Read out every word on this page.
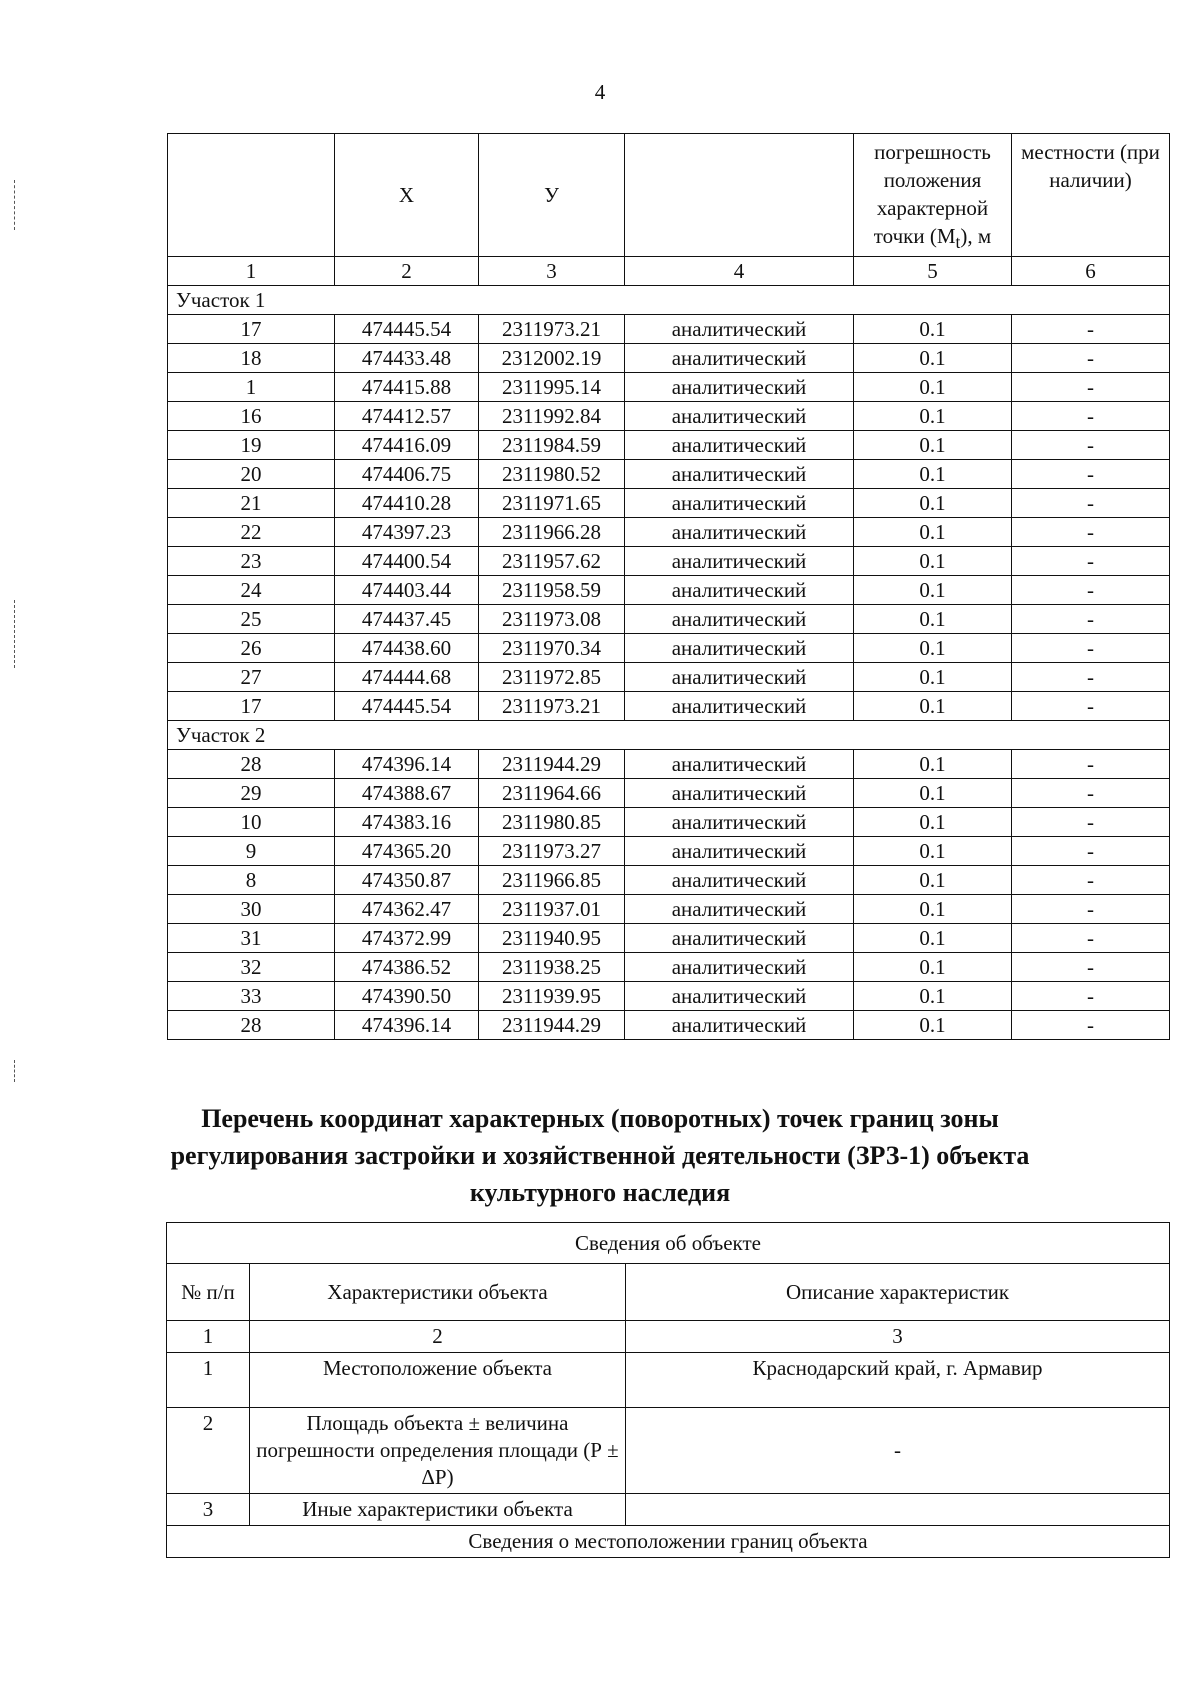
4
	Х	У		погрешность положения характерной точки $(М_t)$, м	местности (при наличии)
1	2	3	4	5	6
Участок 1					
17	474445.54	2311973.21	аналитический	0.1	-
18	474433.48	2312002.19	аналитический	0.1	-
1	474415.88	2311995.14	аналитический	0.1	-
16	474412.57	2311992.84	аналитический	0.1	-
19	474416.09	2311984.59	аналитический	0.1	-
20	474406.75	2311980.52	аналитический	0.1	-
21	474410.28	2311971.65	аналитический	0.1	-
22	474397.23	2311966.28	аналитический	0.1	-
23	474400.54	2311957.62	аналитический	0.1	-
24	474403.44	2311958.59	аналитический	0.1	-
25	474437.45	2311973.08	аналитический	0.1	-
26	474438.60	2311970.34	аналитический	0.1	-
27	474444.68	2311972.85	аналитический	0.1	-
17	474445.54	2311973.21	аналитический	0.1	-
Участок 2					
28	474396.14	2311944.29	аналитический	0.1	-
29	474388.67	2311964.66	аналитический	0.1	-
10	474383.16	2311980.85	аналитический	0.1	-
9	474365.20	2311973.27	аналитический	0.1	-
8	474350.87	2311966.85	аналитический	0.1	-
30	474362.47	2311937.01	аналитический	0.1	-
31	474372.99	2311940.95	аналитический	0.1	-
32	474386.52	2311938.25	аналитический	0.1	-
33	474390.50	2311939.95	аналитический	0.1	-
28	474396.14	2311944.29	аналитический	0.1	-
Перечень координат характерных (поворотных) точек границ зоны
регулирования застройки и хозяйственной деятельности (ЗРЗ-1) объекта
культурного наследия
Сведения об объекте		
№ п/п	Характеристики объекта	Описание характеристик
1	2	3
1	Местоположение объекта	Краснодарский край, г. Армавир
2	Площадь объекта ± величина погрешности определения площади (Р ± ΔР)	-
3	Иные характеристики объекта	
Сведения о местоположении границ объекта		
